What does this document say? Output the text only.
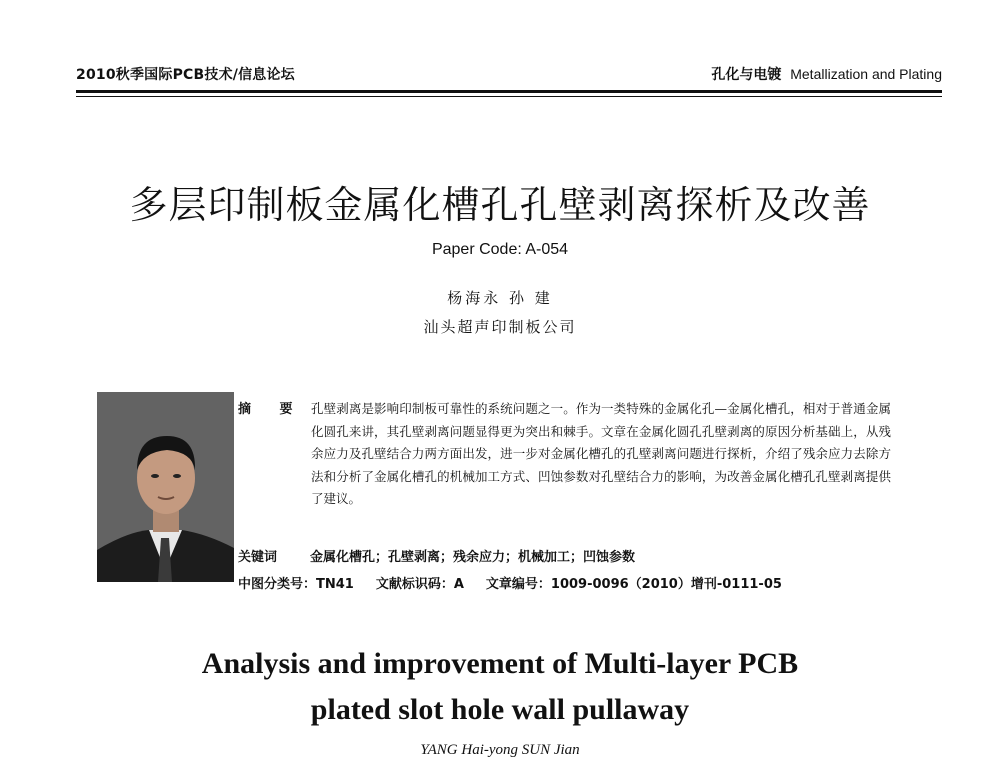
2010秋季国际PCB技术/信息论坛	孔化与电镀 Metallization and Plating
多层印制板金属化槽孔孔壁剥离探析及改善
Paper Code: A-054
杨海永 孙 建
汕头超声印制板公司
摘 要 孔壁剥离是影响印制板可靠性的系统问题之一。作为一类特殊的金属化孔—金属化槽孔，相对于普通金属化圆孔来讲，其孔壁剥离问题显得更为突出和棘手。文章在金属化圆孔孔壁剥离的原因分析基础上，从残余应力及孔壁结合力两方面出发，进一步对金属化槽孔的孔壁剥离问题进行探析，介绍了残余应力去除方法和分析了金属化槽孔的机械加工方式、凹蚀参数对孔壁结合力的影响，为改善金属化槽孔孔壁剥离提供了建议。
关键词	金属化槽孔；孔壁剥离；残余应力；机械加工；凹蚀参数
中图分类号：TN41 文献标识码：A 文章编号：1009-0096（2010）增刊-0111-05
Analysis and improvement of Multi-layer PCB
plated slot hole wall pullaway
YANG Hai-yong SUN Jian
